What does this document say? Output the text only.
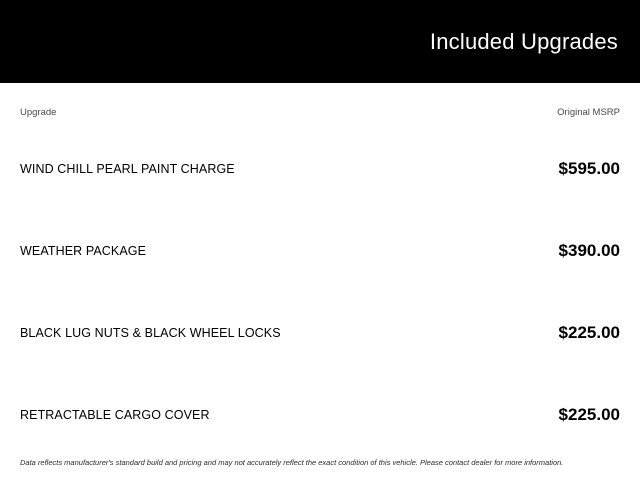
Included Upgrades
Upgrade	Original MSRP
WIND CHILL PEARL PAINT CHARGE	$595.00
WEATHER PACKAGE	$390.00
BLACK LUG NUTS & BLACK WHEEL LOCKS	$225.00
RETRACTABLE CARGO COVER	$225.00
Data reflects manufacturer's standard build and pricing and may not accurately reflect the exact condition of this vehicle. Please contact dealer for more information.
